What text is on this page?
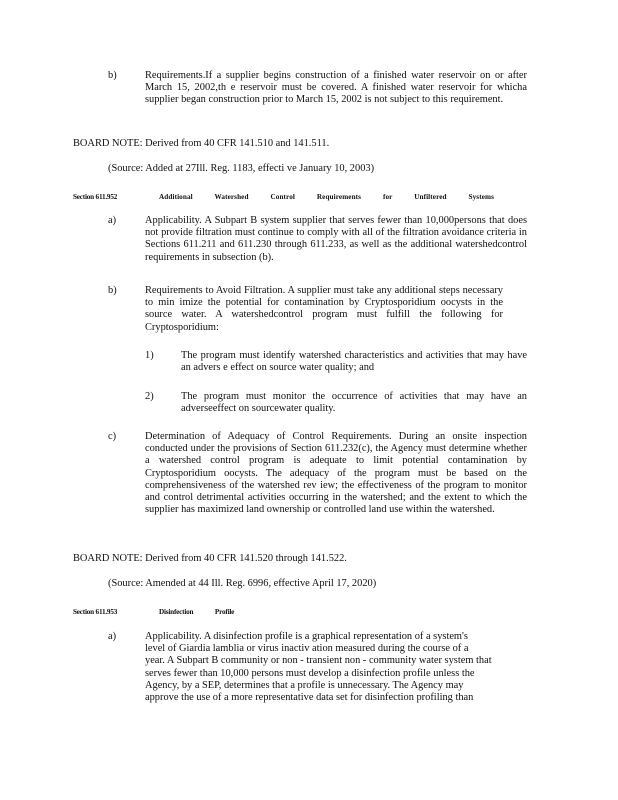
b)	Requirements.If a supplier begins construction of a finished water reservoir on or after March 15, 2002,th e reservoir must be covered. A finished water reservoir for whicha supplier began construction prior to March 15, 2002 is not subject to this requirement.

BOARD NOTE: Derived from 40 CFR 141.510 and 141.511.

(Source: Added at 27Ill. Reg. 1183, effecti ve January 10, 2003)

Section 611.952	Additional Watershed Control Requirements for Unfiltered Systems

a)	Applicability. A Subpart B system supplier that serves fewer than 10,000persons that does not provide filtration must continue to comply with all of the filtration avoidance criteria in Sections 611.211 and 611.230 through 611.233, as well as the additional watershedcontrol requirements in subsection (b).

b)	Requirements to Avoid Filtration. A supplier must take any additional steps necessary to min imize the potential for contamination by Cryptosporidium oocysts in the source water. A watershedcontrol program must fulfill the following for Cryptosporidium:

1)	The program must identify watershed characteristics and activities that may have an advers e effect on source water quality; and

2)	The program must monitor the occurrence of activities that may have an adverseeffect on sourcewater quality.

c)	Determination of Adequacy of Control Requirements. During an onsite inspection conducted under the provisions of Section 611.232(c), the Agency must determine whether a watershed control program is adequate to limit potential contamination by Cryptosporidium oocysts. The adequacy of the program must be based on the comprehensiveness of the watershed rev iew; the effectiveness of the program to monitor and control detrimental activities occurring in the watershed; and the extent to which the supplier has maximized land ownership or controlled land use within the watershed.

BOARD NOTE: Derived from 40 CFR 141.520 through 141.522.

(Source: Amended at 44 Ill. Reg. 6996, effective April 17, 2020)

Section 611.953	Disinfection Profile

a)	Applicability. A disinfection profile is a graphical representation of a system's

level of Giardia lamblia or virus inactiv ation measured during the course of a

year. A Subpart B community or non - transient non - community water system that

serves fewer than 10,000 persons must develop a disinfection profile unless the

Agency, by a SEP, determines that a profile is unnecessary. The Agency may

approve the use of a more representative data set for disinfection profiling than
